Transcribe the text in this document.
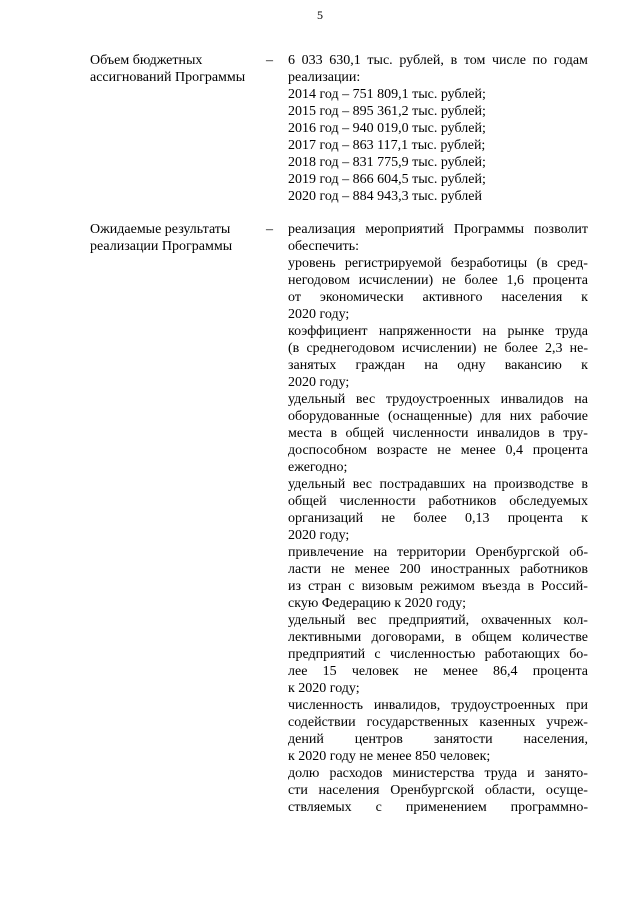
5
Объем бюджетных
ассигнований Программы
– 6 033 630,1 тыс. рублей, в том числе по годам
реализации:
2014 год – 751 809,1 тыс. рублей;
2015 год – 895 361,2 тыс. рублей;
2016 год – 940 019,0 тыс. рублей;
2017 год – 863 117,1 тыс. рублей;
2018 год – 831 775,9 тыс. рублей;
2019 год – 866 604,5 тыс. рублей;
2020 год – 884 943,3 тыс. рублей
Ожидаемые результаты
реализации Программы
– реализация мероприятий Программы позволит
обеспечить:
уровень регистрируемой безработицы (в сред-
негодовом исчислении) не более 1,6 процента
от экономически активного населения к
2020 году;
коэффициент напряженности на рынке труда
(в среднегодовом исчислении) не более 2,3 не-
занятых граждан на одну вакансию к
2020 году;
удельный вес трудоустроенных инвалидов на
оборудованные (оснащенные) для них рабочие
места в общей численности инвалидов в тру-
доспособном возрасте не менее 0,4 процента
ежегодно;
удельный вес пострадавших на производстве в
общей численности работников обследуемых
организаций не более 0,13 процента к
2020 году;
привлечение на территории Оренбургской об-
ласти не менее 200 иностранных работников
из стран с визовым режимом въезда в Россий-
скую Федерацию к 2020 году;
удельный вес предприятий, охваченных кол-
лективными договорами, в общем количестве
предприятий с численностью работающих бо-
лее 15 человек не менее 86,4 процента
к 2020 году;
численность инвалидов, трудоустроенных при
содействии государственных казенных учреж-
дений центров занятости населения,
к 2020 году не менее 850 человек;
долю расходов министерства труда и занято-
сти населения Оренбургской области, осуще-
ствляемых с применением программно-
